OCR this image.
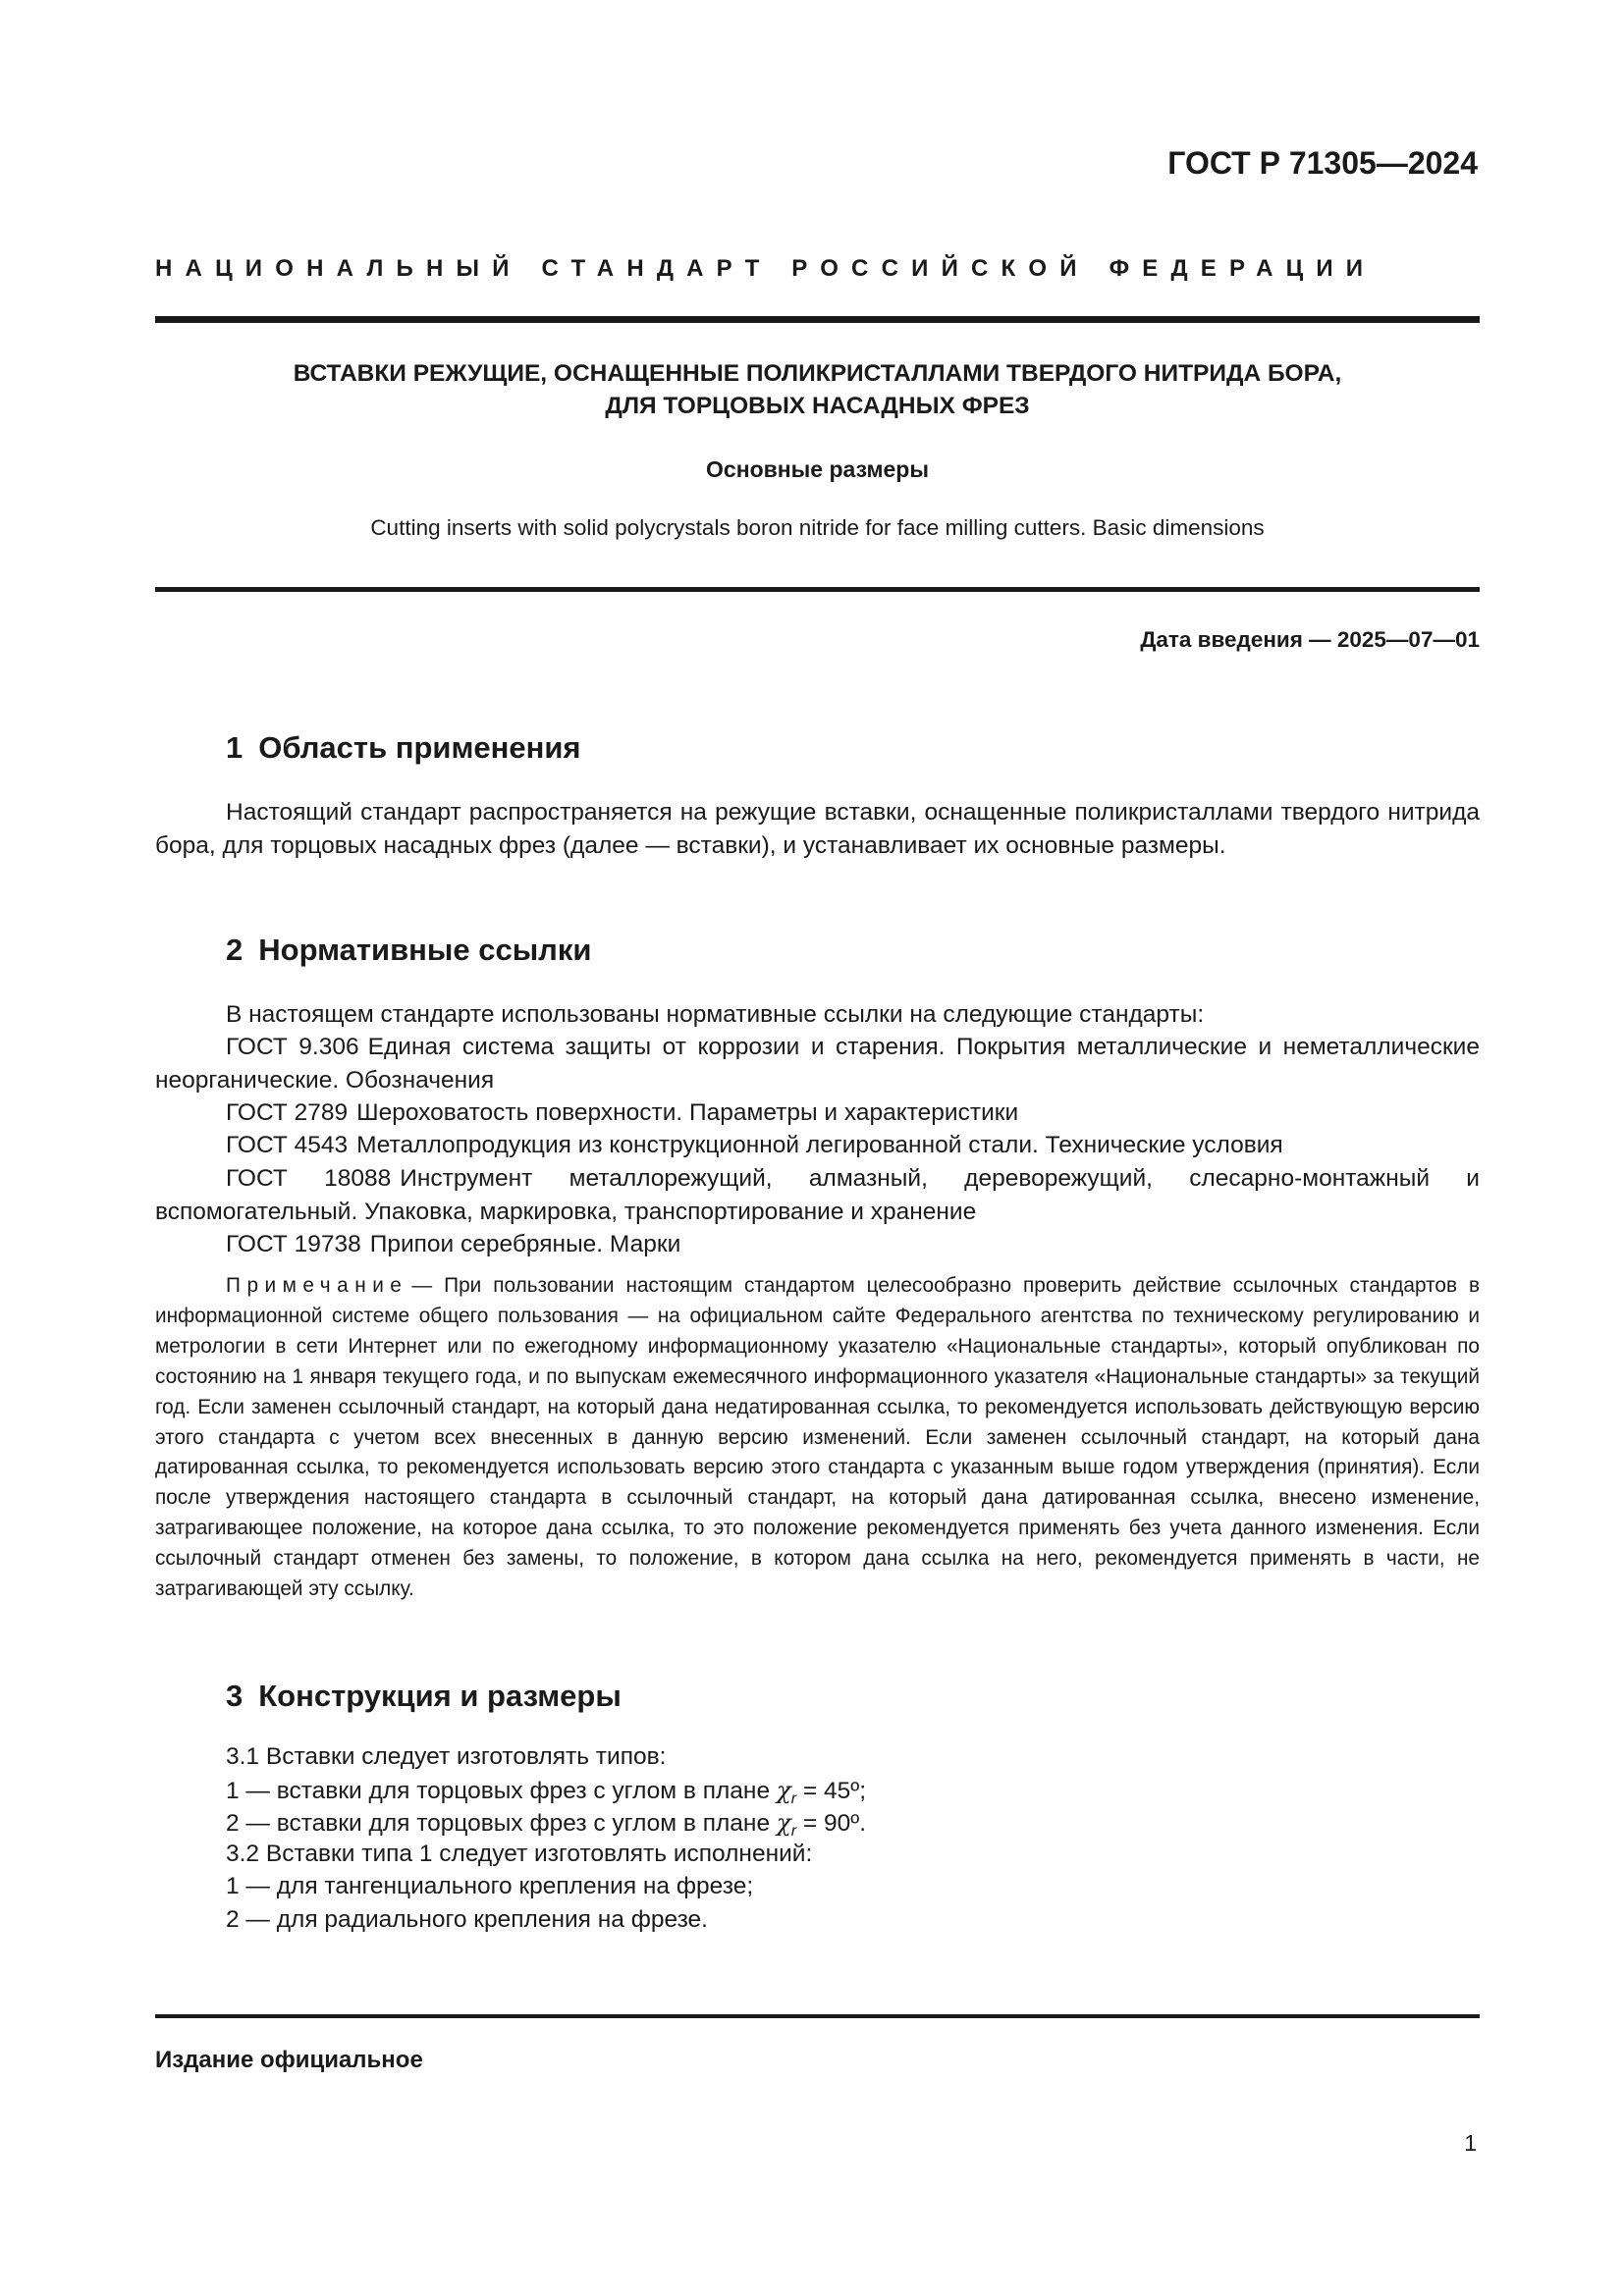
ГОСТ Р 71305—2024
НАЦИОНАЛЬНЫЙ СТАНДАРТ РОССИЙСКОЙ ФЕДЕРАЦИИ
ВСТАВКИ РЕЖУЩИЕ, ОСНАЩЕННЫЕ ПОЛИКРИСТАЛЛАМИ ТВЕРДОГО НИТРИДА БОРА,
ДЛЯ ТОРЦОВЫХ НАСАДНЫХ ФРЕЗ
Основные размеры
Cutting inserts with solid polycrystals boron nitride for face milling cutters. Basic dimensions
Дата введения — 2025—07—01
1 Область применения
Настоящий стандарт распространяется на режущие вставки, оснащенные поликристаллами твердого нитрида бора, для торцовых насадных фрез (далее — вставки), и устанавливает их основные размеры.
2 Нормативные ссылки
В настоящем стандарте использованы нормативные ссылки на следующие стандарты:
ГОСТ 9.306 Единая система защиты от коррозии и старения. Покрытия металлические и неметаллические неорганические. Обозначения
ГОСТ 2789 Шероховатость поверхности. Параметры и характеристики
ГОСТ 4543 Металлопродукция из конструкционной легированной стали. Технические условия
ГОСТ 18088 Инструмент металлорежущий, алмазный, дереворежущий, слесарно-монтажный и вспомогательный. Упаковка, маркировка, транспортирование и хранение
ГОСТ 19738 Припои серебряные. Марки
Примечание — При пользовании настоящим стандартом целесообразно проверить действие ссылочных стандартов в информационной системе общего пользования — на официальном сайте Федерального агентства по техническому регулированию и метрологии в сети Интернет или по ежегодному информационному указателю «Национальные стандарты», который опубликован по состоянию на 1 января текущего года, и по выпускам ежемесячного информационного указателя «Национальные стандарты» за текущий год. Если заменен ссылочный стандарт, на который дана недатированная ссылка, то рекомендуется использовать действующую версию этого стандарта с учетом всех внесенных в данную версию изменений. Если заменен ссылочный стандарт, на который дана датированная ссылка, то рекомендуется использовать версию этого стандарта с указанным выше годом утверждения (принятия). Если после утверждения настоящего стандарта в ссылочный стандарт, на который дана датированная ссылка, внесено изменение, затрагивающее положение, на которое дана ссылка, то это положение рекомендуется применять без учета данного изменения. Если ссылочный стандарт отменен без замены, то положение, в котором дана ссылка на него, рекомендуется применять в части, не затрагивающей эту ссылку.
3 Конструкция и размеры
3.1 Вставки следует изготовлять типов:
1 — вставки для торцовых фрез с углом в плане $\chi_r$ = 45º;
2 — вставки для торцовых фрез с углом в плане $\chi_r$ = 90º.
3.2 Вставки типа 1 следует изготовлять исполнений:
1 — для тангенциального крепления на фрезе;
2 — для радиального крепления на фрезе.
Издание официальное
1
